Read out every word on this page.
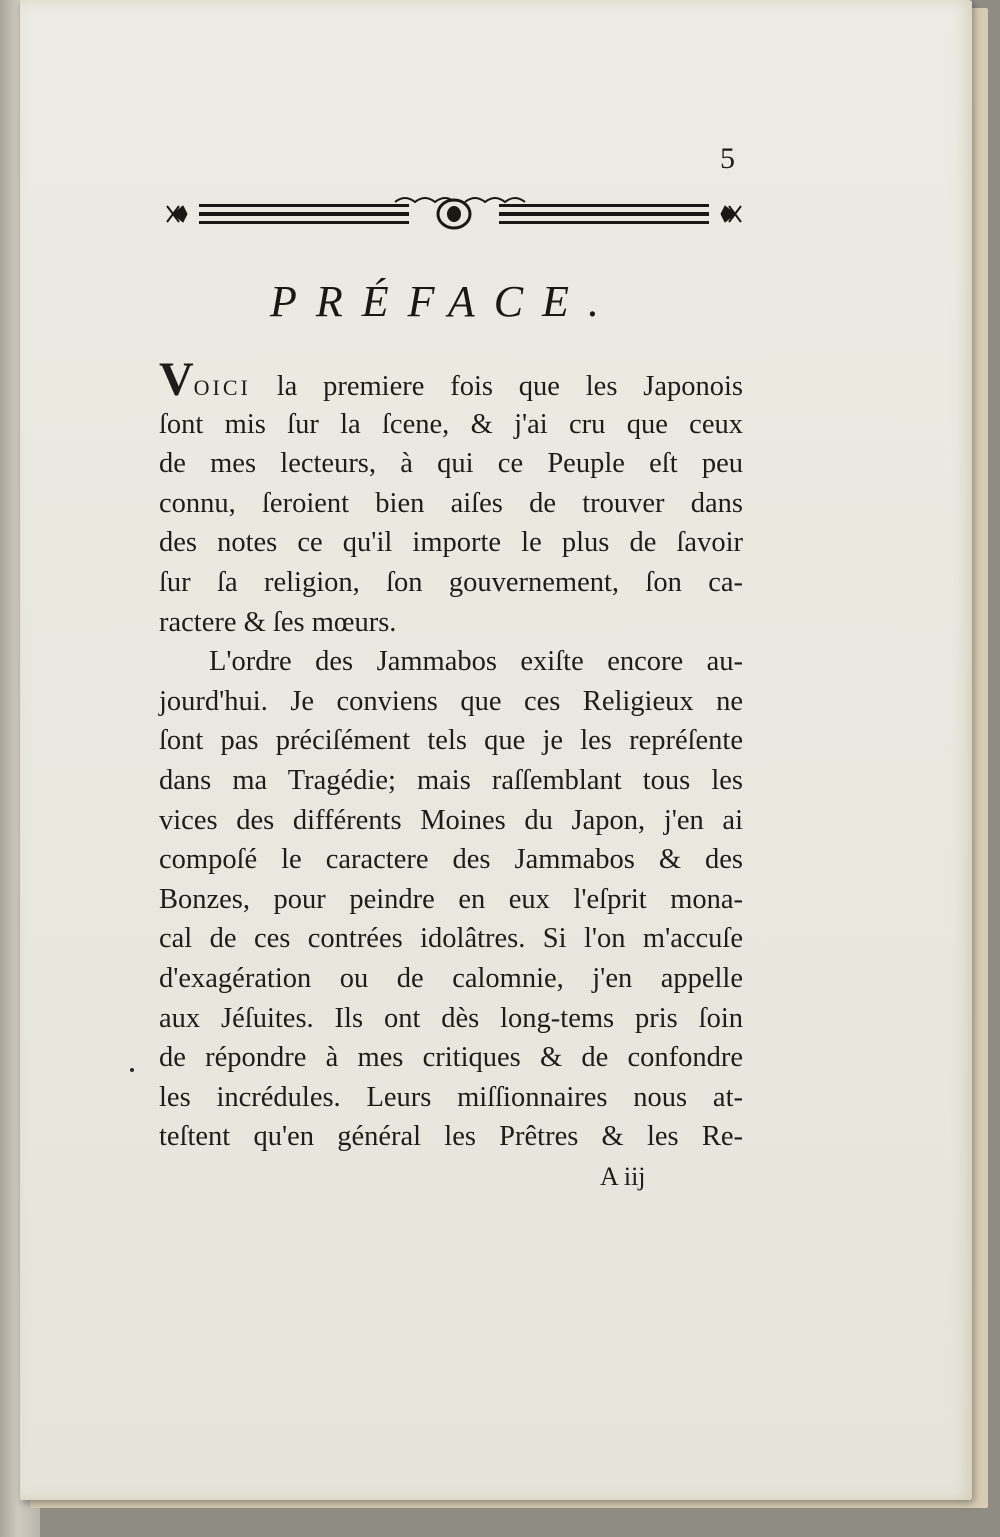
5
PRÉFACE.
VOICI la premiere fois que les Japonois
ſont mis ſur la ſcene, & j'ai cru que ceux
de mes lecteurs, à qui ce Peuple eſt peu
connu, ſeroient bien aiſes de trouver dans
des notes ce qu'il importe le plus de ſavoir
ſur ſa religion, ſon gouvernement, ſon ca-
ractere & ſes mœurs.
L'ordre des Jammabos exiſte encore au-
jourd'hui. Je conviens que ces Religieux ne
ſont pas préciſément tels que je les repréſente
dans ma Tragédie; mais raſſemblant tous les
vices des différents Moines du Japon, j'en ai
compoſé le caractere des Jammabos & des
Bonzes, pour peindre en eux l'eſprit mona-
cal de ces contrées idolâtres. Si l'on m'accuſe
d'exagération ou de calomnie, j'en appelle
aux Jéſuites. Ils ont dès long-tems pris ſoin
de répondre à mes critiques & de confondre
les incrédules. Leurs miſſionnaires nous at-
teſtent qu'en général les Prêtres & les Re-
A iij
